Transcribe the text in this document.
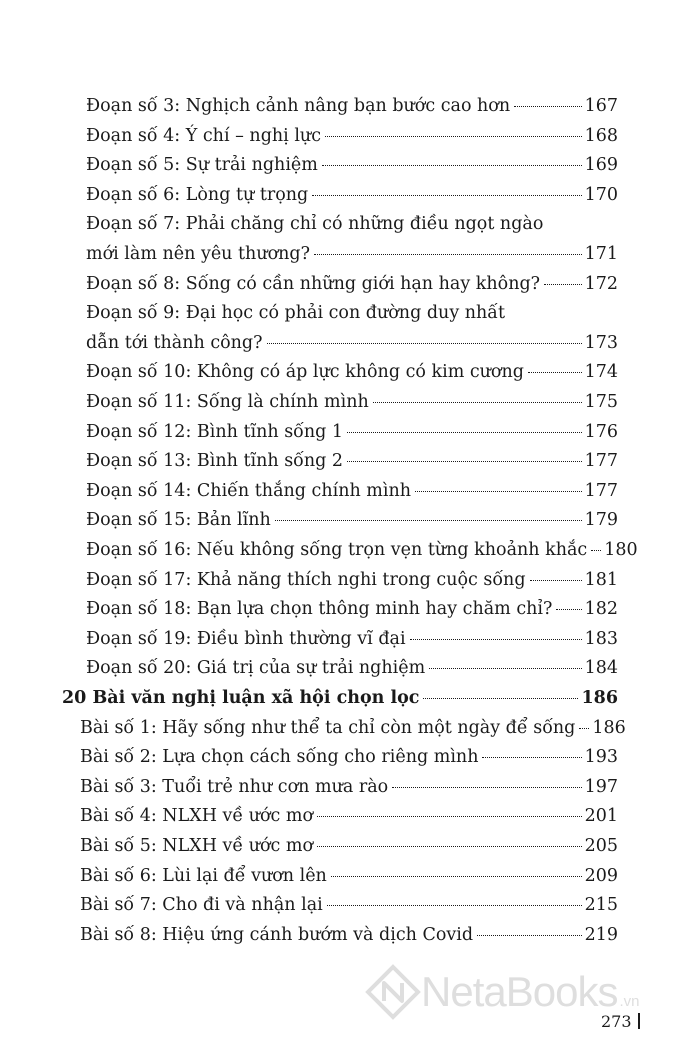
Đoạn số 3: Nghịch cảnh nâng bạn bước cao hơn	167
Đoạn số 4: Ý chí – nghị lực	168
Đoạn số 5: Sự trải nghiệm	169
Đoạn số 6: Lòng tự trọng	170
Đoạn số 7: Phải chăng chỉ có những điều ngọt ngào
mới làm nên yêu thương?	171
Đoạn số 8: Sống có cần những giới hạn hay không?	172
Đoạn số 9: Đại học có phải con đường duy nhất
dẫn tới thành công?	173
Đoạn số 10: Không có áp lực không có kim cương	174
Đoạn số 11: Sống là chính mình	175
Đoạn số 12: Bình tĩnh sống 1	176
Đoạn số 13: Bình tĩnh sống 2	177
Đoạn số 14: Chiến thắng chính mình	177
Đoạn số 15: Bản lĩnh	179
Đoạn số 16: Nếu không sống trọn vẹn từng khoảnh khắc 180
Đoạn số 17: Khả năng thích nghi trong cuộc sống	181
Đoạn số 18: Bạn lựa chọn thông minh hay chăm chỉ? 182
Đoạn số 19: Điều bình thường vĩ đại	183
Đoạn số 20: Giá trị của sự trải nghiệm	184
20 Bài văn nghị luận xã hội chọn lọc	186
Bài số 1: Hãy sống như thể ta chỉ còn một ngày để sống 186
Bài số 2: Lựa chọn cách sống cho riêng mình	193
Bài số 3: Tuổi trẻ như cơn mưa rào	197
Bài số 4: NLXH về ước mơ	201
Bài số 5: NLXH về ước mơ	205
Bài số 6: Lùi lại để vươn lên	209
Bài số 7: Cho đi và nhận lại	215
Bài số 8: Hiệu ứng cánh bướm và dịch Covid	219
273
NetaBooks .vn
